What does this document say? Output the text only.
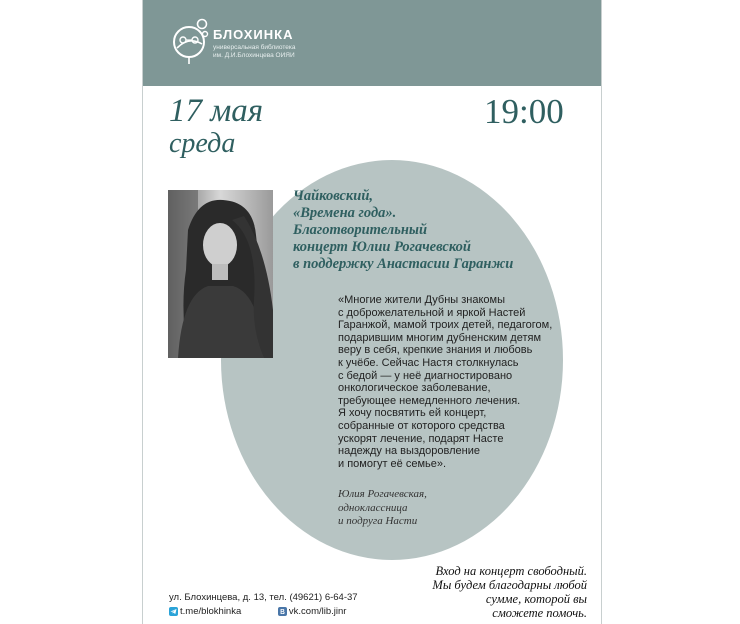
БЛОХИНКА
универсальная библиотека
им. Д.И.Блохинцева ОИЯИ
17 мая
среда
19:00
Чайковский,
«Времена года».
Благотворительный
концерт Юлии Рогачевской
в поддержку Анастасии Гаранжи
«Многие жители Дубны знакомы
с доброжелательной и яркой Настей
Гаранжой, мамой троих детей, педагогом,
подарившим многим дубненским детям
веру в себя, крепкие знания и любовь
к учёбе. Сейчас Настя столкнулась
с бедой — у неё диагностировано
онкологическое заболевание,
требующее немедленного лечения.
Я хочу посвятить ей концерт,
собранные от которого средства
ускорят лечение, подарят Насте
надежду на выздоровление
и помогут её семье».
Юлия Рогачевская,
одноклассница
и подруга Насти
Вход на концерт свободный.
Мы будем благодарны любой
сумме, которой вы
сможете помочь.
ул. Блохинцева, д. 13, тел. (49621) 6-64-37
t.me/blokhinka
	vk.com/lib.jinr
